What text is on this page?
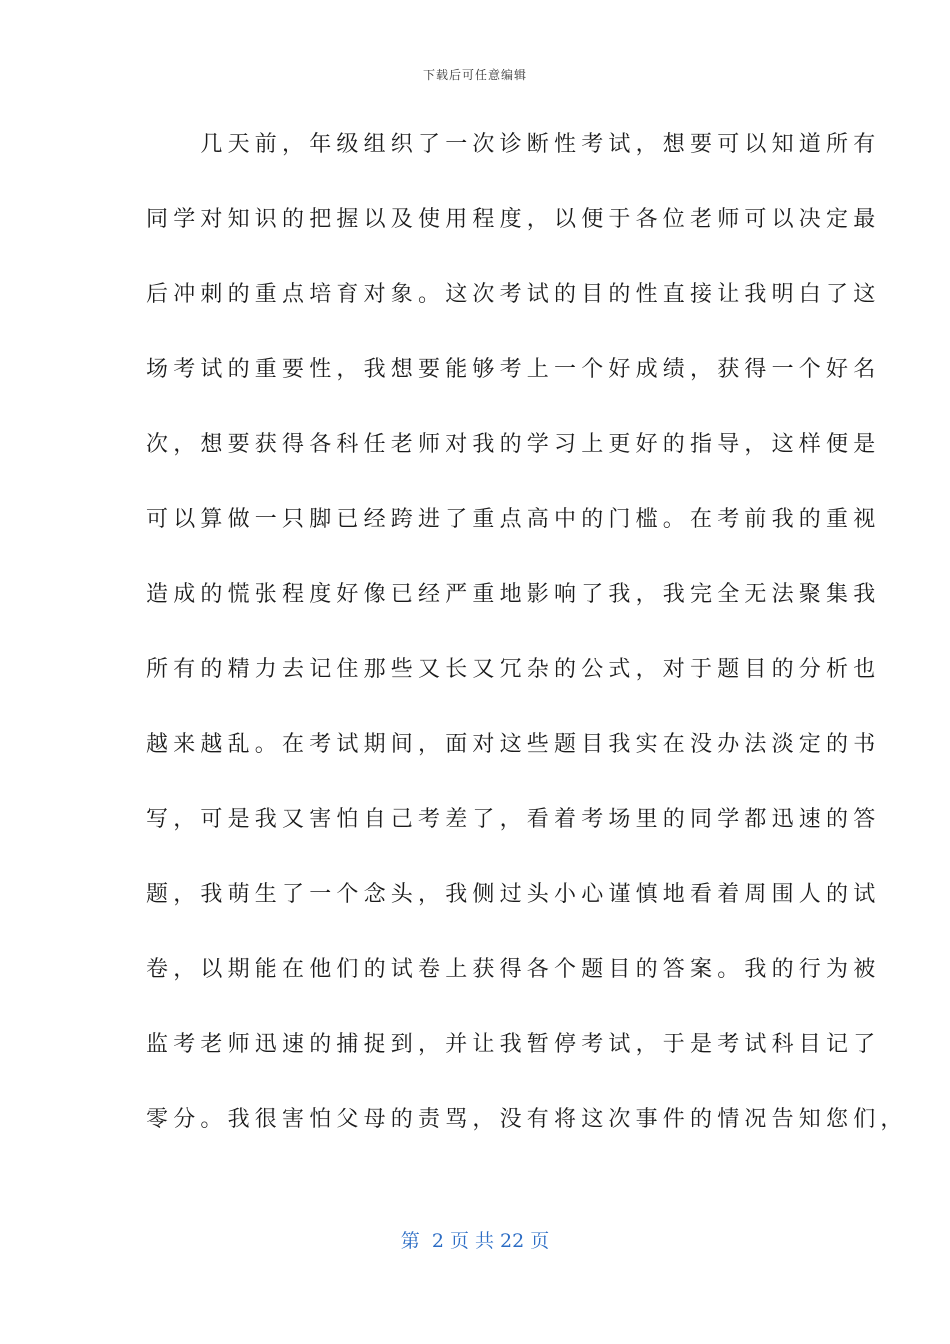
下载后可任意编辑
　　几天前，年级组织了一次诊断性考试，想要可以知道所有
同学对知识的把握以及使用程度，以便于各位老师可以决定最
后冲刺的重点培育对象。这次考试的目的性直接让我明白了这
场考试的重要性，我想要能够考上一个好成绩，获得一个好名
次，想要获得各科任老师对我的学习上更好的指导，这样便是
可以算做一只脚已经跨进了重点高中的门槛。在考前我的重视
造成的慌张程度好像已经严重地影响了我，我完全无法聚集我
所有的精力去记住那些又长又冗杂的公式，对于题目的分析也
越来越乱。在考试期间，面对这些题目我实在没办法淡定的书
写，可是我又害怕自己考差了，看着考场里的同学都迅速的答
题，我萌生了一个念头，我侧过头小心谨慎地看着周围人的试
卷，以期能在他们的试卷上获得各个题目的答案。我的行为被
监考老师迅速的捕捉到，并让我暂停考试，于是考试科目记了
零分。我很害怕父母的责骂，没有将这次事件的情况告知您们，
第  2 页 共 22 页
